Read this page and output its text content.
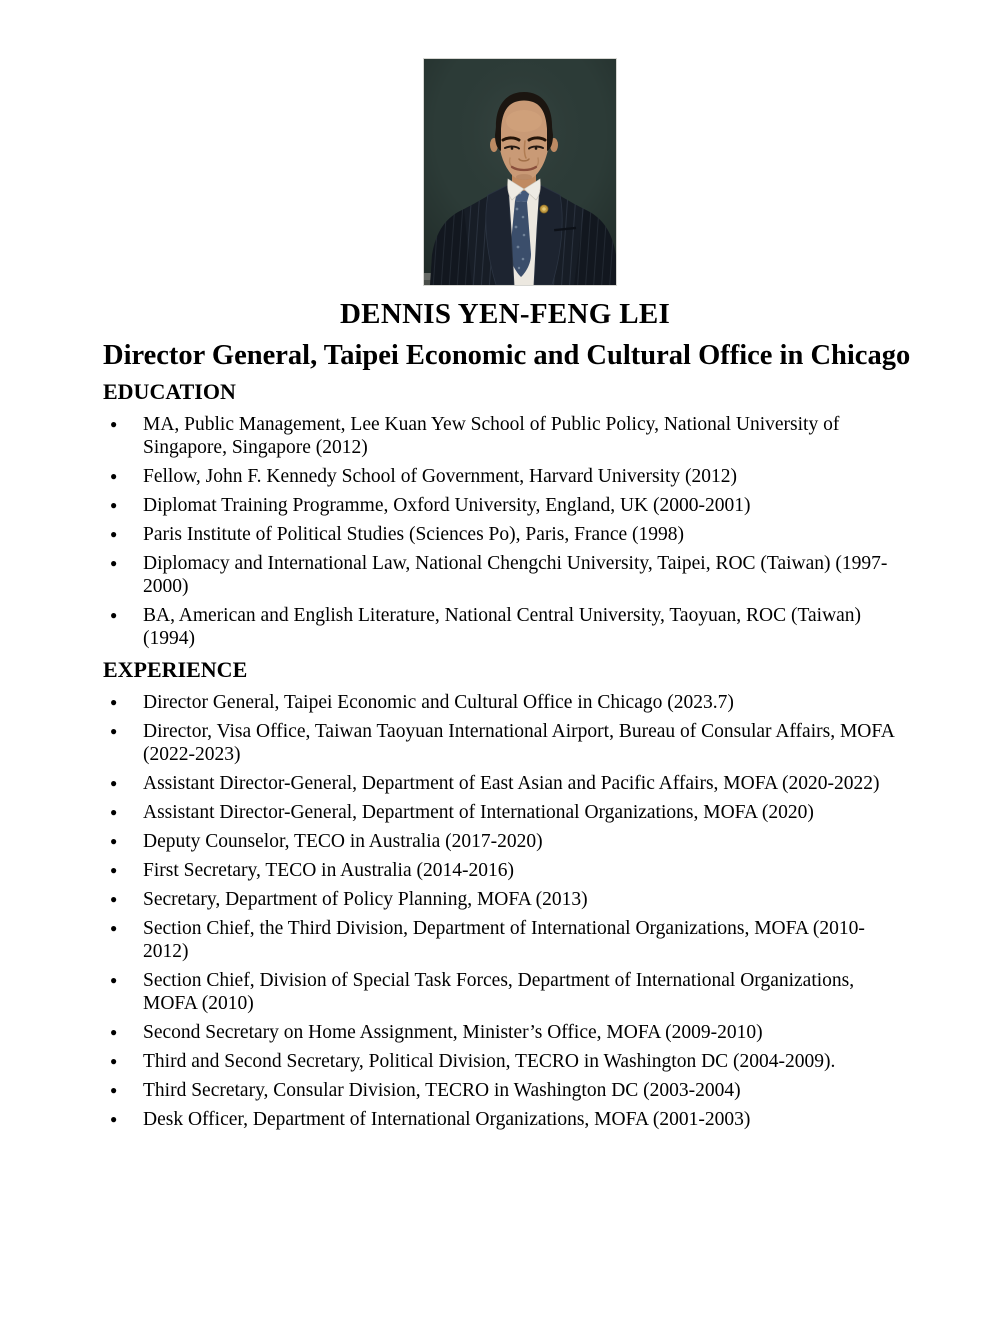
DENNIS YEN-FENG LEI
Director General, Taipei Economic and Cultural Office in Chicago
EDUCATION
● MA, Public Management, Lee Kuan Yew School of Public Policy, National University of  Singapore, Singapore (2012)
● Fellow, John F. Kennedy School of Government, Harvard University (2012)
● Diplomat Training Programme, Oxford University, England, UK (2000-2001)
● Paris Institute of Political Studies (Sciences Po), Paris, France (1998)
● Diplomacy and International Law, National Chengchi University, Taipei, ROC (Taiwan) (1997-2000)
● BA, American and English Literature, National Central University, Taoyuan, ROC (Taiwan) (1994)
EXPERIENCE
● Director General, Taipei Economic and Cultural Office in Chicago (2023.7)
● Director, Visa Office, Taiwan Taoyuan International Airport, Bureau of Consular Affairs, MOFA (2022-2023)
● Assistant Director-General, Department of East Asian and Pacific Affairs, MOFA (2020-2022)
● Assistant Director-General, Department of International Organizations, MOFA (2020)
● Deputy Counselor, TECO in Australia (2017-2020)
● First Secretary, TECO in Australia (2014-2016)
● Secretary, Department of Policy Planning, MOFA (2013)
● Section Chief, the Third Division, Department of International Organizations, MOFA (2010-2012)
● Section Chief, Division of Special Task Forces, Department of International Organizations, MOFA (2010)
● Second Secretary on Home Assignment, Minister’s Office, MOFA (2009-2010)
● Third and Second Secretary, Political Division, TECRO in Washington DC (2004-2009).
● Third Secretary, Consular Division, TECRO in Washington DC (2003-2004)
● Desk Officer, Department of International Organizations, MOFA (2001-2003)
